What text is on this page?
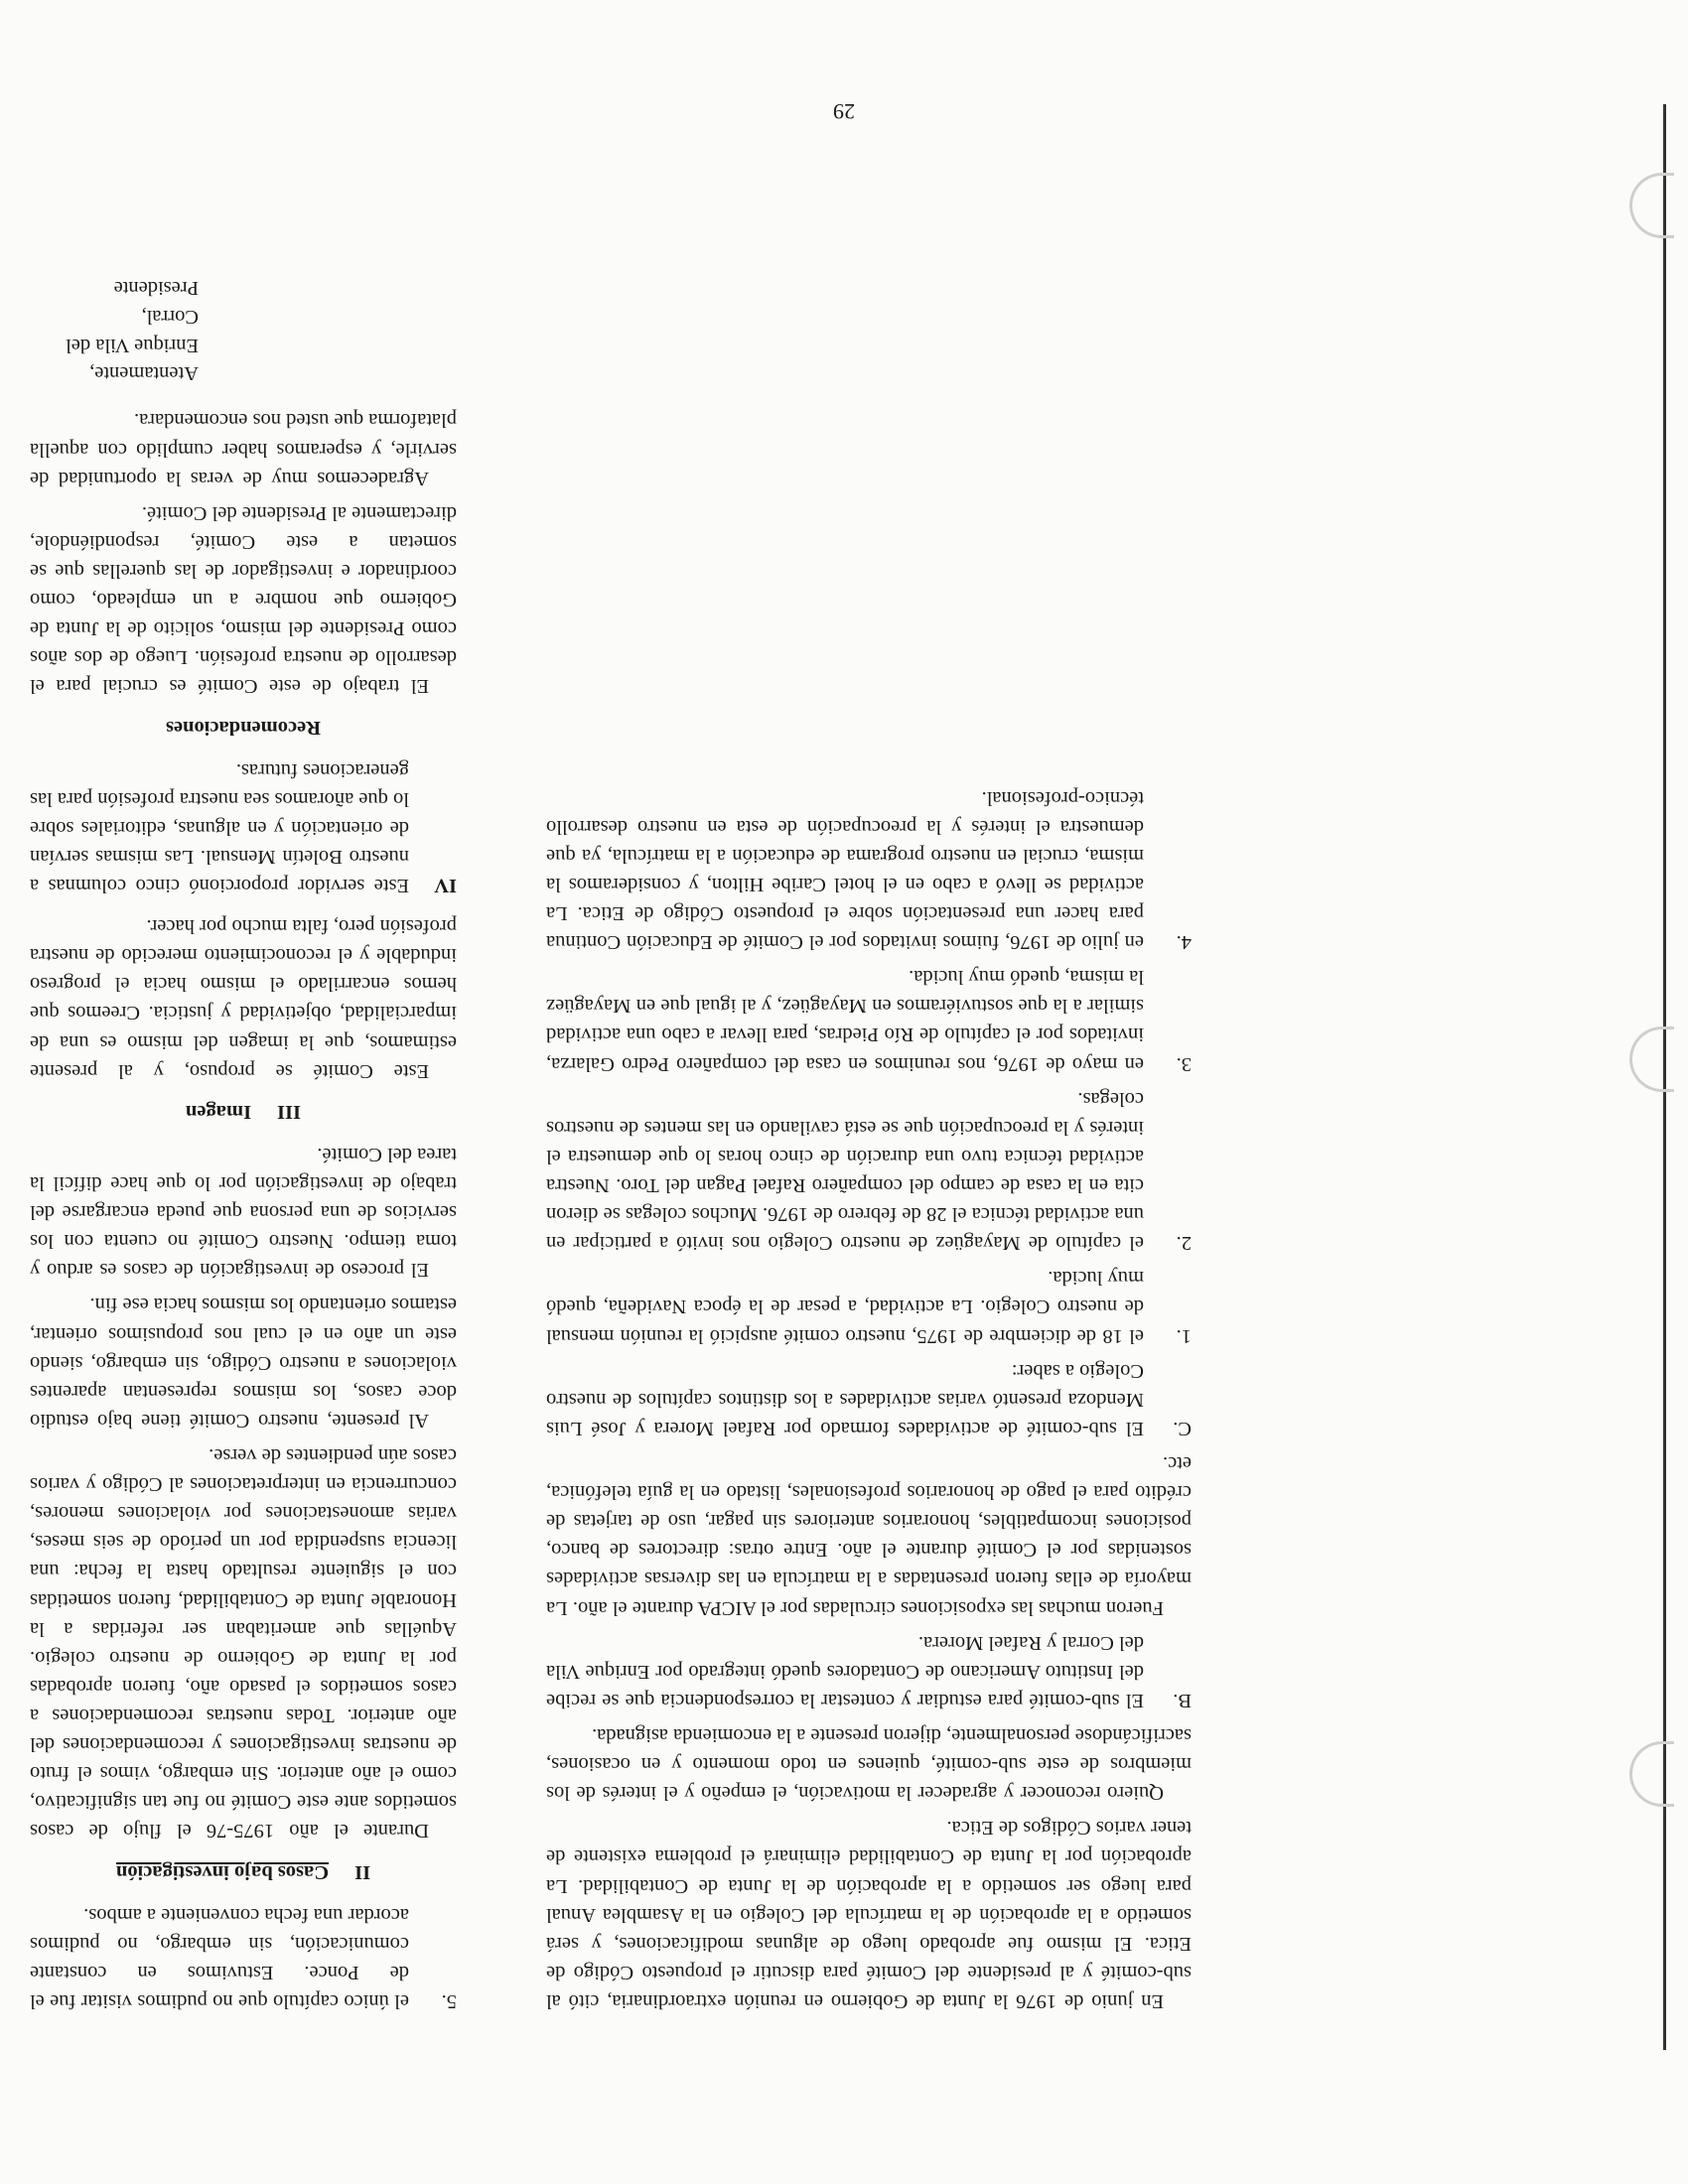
En junio de 1976 la Junta de Gobierno en reunión extraordinaria, citó al sub-comité y al presidente del Comité para discutir el propuesto Código de Etica. El mismo fue aprobado luego de algunas modificaciones, y será sometido a la aprobación de la matrícula del Colegio en la Asamblea Anual para luego ser sometido a la aprobación de la Junta de Contabilidad. La aprobación por la Junta de Contabilidad eliminará el problema existente de tener varios Códigos de Etica.

Quiero reconocer y agradecer la motivación, el empeño y el interés de los miembros de este sub-comité, quienes en todo momento y en ocasiones, sacrificándose personalmente, dijeron presente a la encomienda asignada.

B.
El sub-comité para estudiar y contestar la correspondencia que se recibe del Instituto Americano de Contadores quedó integrado por Enrique Vila del Corral y Rafael Morera.

Fueron muchas las exposiciones circuladas por el AICPA durante el año. La mayoría de ellas fueron presentadas a la matrícula en las diversas actividades sostenidas por el Comité durante el año. Entre otras: directores de banco, posiciones incompatibles, honorarios anteriores sin pagar, uso de tarjetas de crédito para el pago de honorarios profesionales, listado en la guía telefónica, etc.

C.
El sub-comité de actividades formado por Rafael Morera y José Luis Mendoza presentó varias actividades a los distintos capítulos de nuestro Colegio a saber:
1.
el 18 de diciembre de 1975, nuestro comité auspició la reunión mensual de nuestro Colegio. La actividad, a pesar de la época Navideña, quedó muy lucida.
2.
el capítulo de Mayagüez de nuestro Colegio nos invitó a participar en una actividad técnica el 28 de febrero de 1976. Muchos colegas se dieron cita en la casa de campo del compañero Rafael Pagan del Toro. Nuestra actividad técnica tuvo una duración de cinco horas lo que demuestra el interés y la preocupación que se está cavilando en las mentes de nuestros colegas.
3.
en mayo de 1976, nos reunimos en casa del compañero Pedro Galarza, invitados por el capítulo de Río Piedras, para llevar a cabo una actividad similar a la que sostuviéramos en Mayagüez, y al igual que en Mayagüez la misma, quedó muy lucida.
4.
en julio de 1976, fuimos invitados por el Comité de Educación Continua para hacer una presentación sobre el propuesto Código de Etica. La actividad se llevó a cabo en el hotel Caribe Hilton, y consideramos la misma, crucial en nuestro programa de educación a la matrícula, ya que demuestra el interés y la preocupación de esta en nuestro desarrollo técnico-profesional.
5.
el único capítulo que no pudimos visitar fue el de Ponce. Estuvimos en constante comunicación, sin embargo, no pudimos acordar una fecha conveniente a ambos.
IICasos bajo investigación

Durante el año 1975-76 el flujo de casos sometidos ante este Comité no fue tan significativo, como el año anterior. Sin embargo, vimos el fruto de nuestras investigaciones y recomendaciones del año anterior. Todas nuestras recomendaciones a casos sometidos el pasado año, fueron aprobadas por la Junta de Gobierno de nuestro colegio. Aquéllas que ameritaban ser referidas a la Honorable Junta de Contabilidad, fueron sometidas con el siguiente resultado hasta la fecha: una licencia suspendida por un período de seis meses, varias amonestaciones por violaciones menores, concurrencia en interpretaciones al Código y varios casos aún pendientes de verse.

Al presente, nuestro Comité tiene bajo estudio doce casos, los mismos representan aparentes violaciones a nuestro Código, sin embargo, siendo este un año en el cual nos propusimos orientar, estamos orientando los mismos hacia ese fin.

El proceso de investigación de casos es arduo y toma tiempo. Nuestro Comité no cuenta con los servicios de una persona que pueda encargarse del trabajo de investigación por lo que hace difícil la tarea del Comité.

IIIImagen

Este Comité se propuso, y al presente estimamos, que la imagen del mismo es una de imparcialidad, objetividad y justicia. Creemos que hemos encarrilado el mismo hacia el progreso indudable y el reconocimiento merecido de nuestra profesión pero, falta mucho por hacer.

IV
Este servidor proporcionó cinco columnas a nuestro Boletín Mensual. Las mismas servían de orientación y en algunas, editoriales sobre lo que añoramos sea nuestra profesión para las generaciones futuras.
Recomendaciones

El trabajo de este Comité es crucial para el desarrollo de nuestra profesión. Luego de dos años como Presidente del mismo, solicito de la Junta de Gobierno que nombre a un empleado, como coordinador e investigador de las querellas que se sometan a este Comité, respondiéndole, directamente al Presidente del Comité.

Agradecemos muy de veras la oportunidad de servirle, y esperamos haber cumplido con aquella plataforma que usted nos encomendara.

Atentamente,
Enrique Vila del Corral,
Presidente
29
